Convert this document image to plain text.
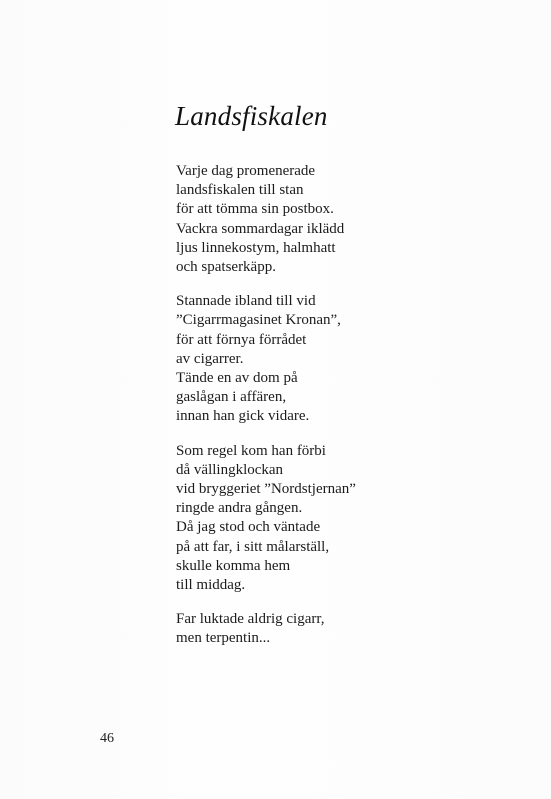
Landsfiskalen
Varje dag promenerade
landsfiskalen till stan
för att tömma sin postbox.
Vackra sommardagar iklädd
ljus linnekostym, halmhatt
och spatserkäpp.
Stannade ibland till vid
”Cigarrmagasinet Kronan”,
för att förnya förrådet
av cigarrer.
Tände en av dom på
gaslågan i affären,
innan han gick vidare.
Som regel kom han förbi
då vällingklockan
vid bryggeriet ”Nordstjernan”
ringde andra gången.
Då jag stod och väntade
på att far, i sitt målarställ,
skulle komma hem
till middag.
Far luktade aldrig cigarr,
men terpentin...
46
